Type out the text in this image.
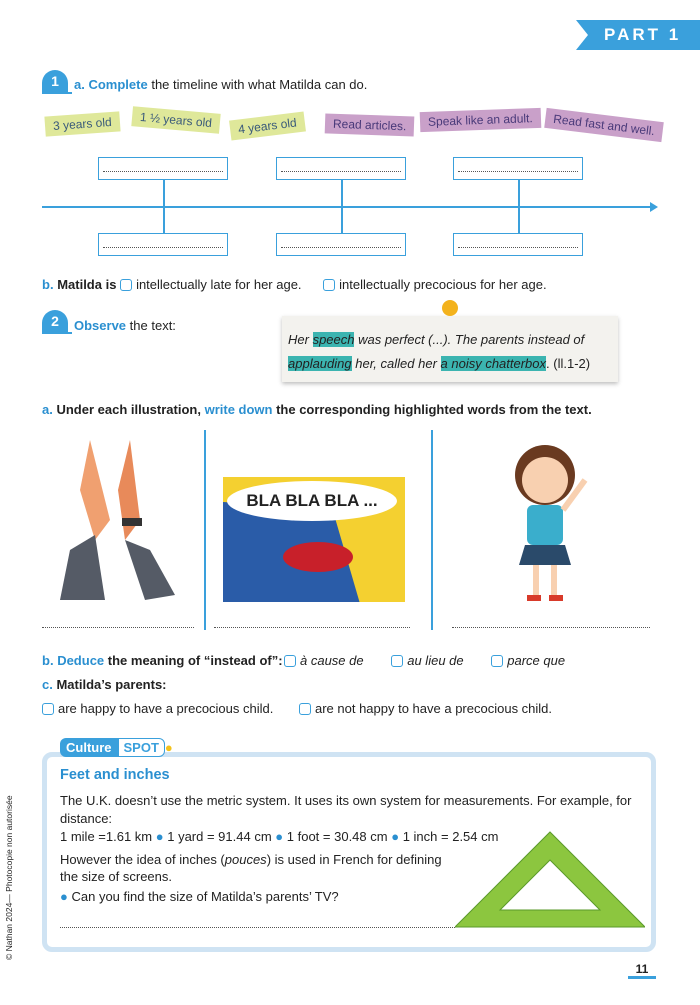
PART 1
1	a. Complete the timeline with what Matilda can do.
3 years old	1 ½ years old	4 years old	Read articles.	Speak like an adult.	Read fast and well.
b. Matilda is intellectually late for her age.	intellectually precocious for her age.
2	Observe the text:
Her speech was perfect (...). The parents instead of applauding her, called her a noisy chatterbox. (ll.1-2)
a. Under each illustration, write down the corresponding highlighted words from the text.
BLA BLA BLA ...
b. Deduce the meaning of “instead of”:	à cause de	au lieu de	parce que
c. Matilda’s parents:
are happy to have a precocious child.	are not happy to have a precocious child.
Culture SPOT ●
Feet and inches
The U.K. doesn’t use the metric system. It uses its own system for measurements. For example, for distance:
1 mile =1.61 km ● 1 yard = 91.44 cm ● 1 foot = 30.48 cm ● 1 inch = 2.54 cm
However the idea of inches (pouces) is used in French for defining the size of screens.
● Can you find the size of Matilda’s parents’ TV?
© Nathan 2024— Photocopie non autorisée
11
